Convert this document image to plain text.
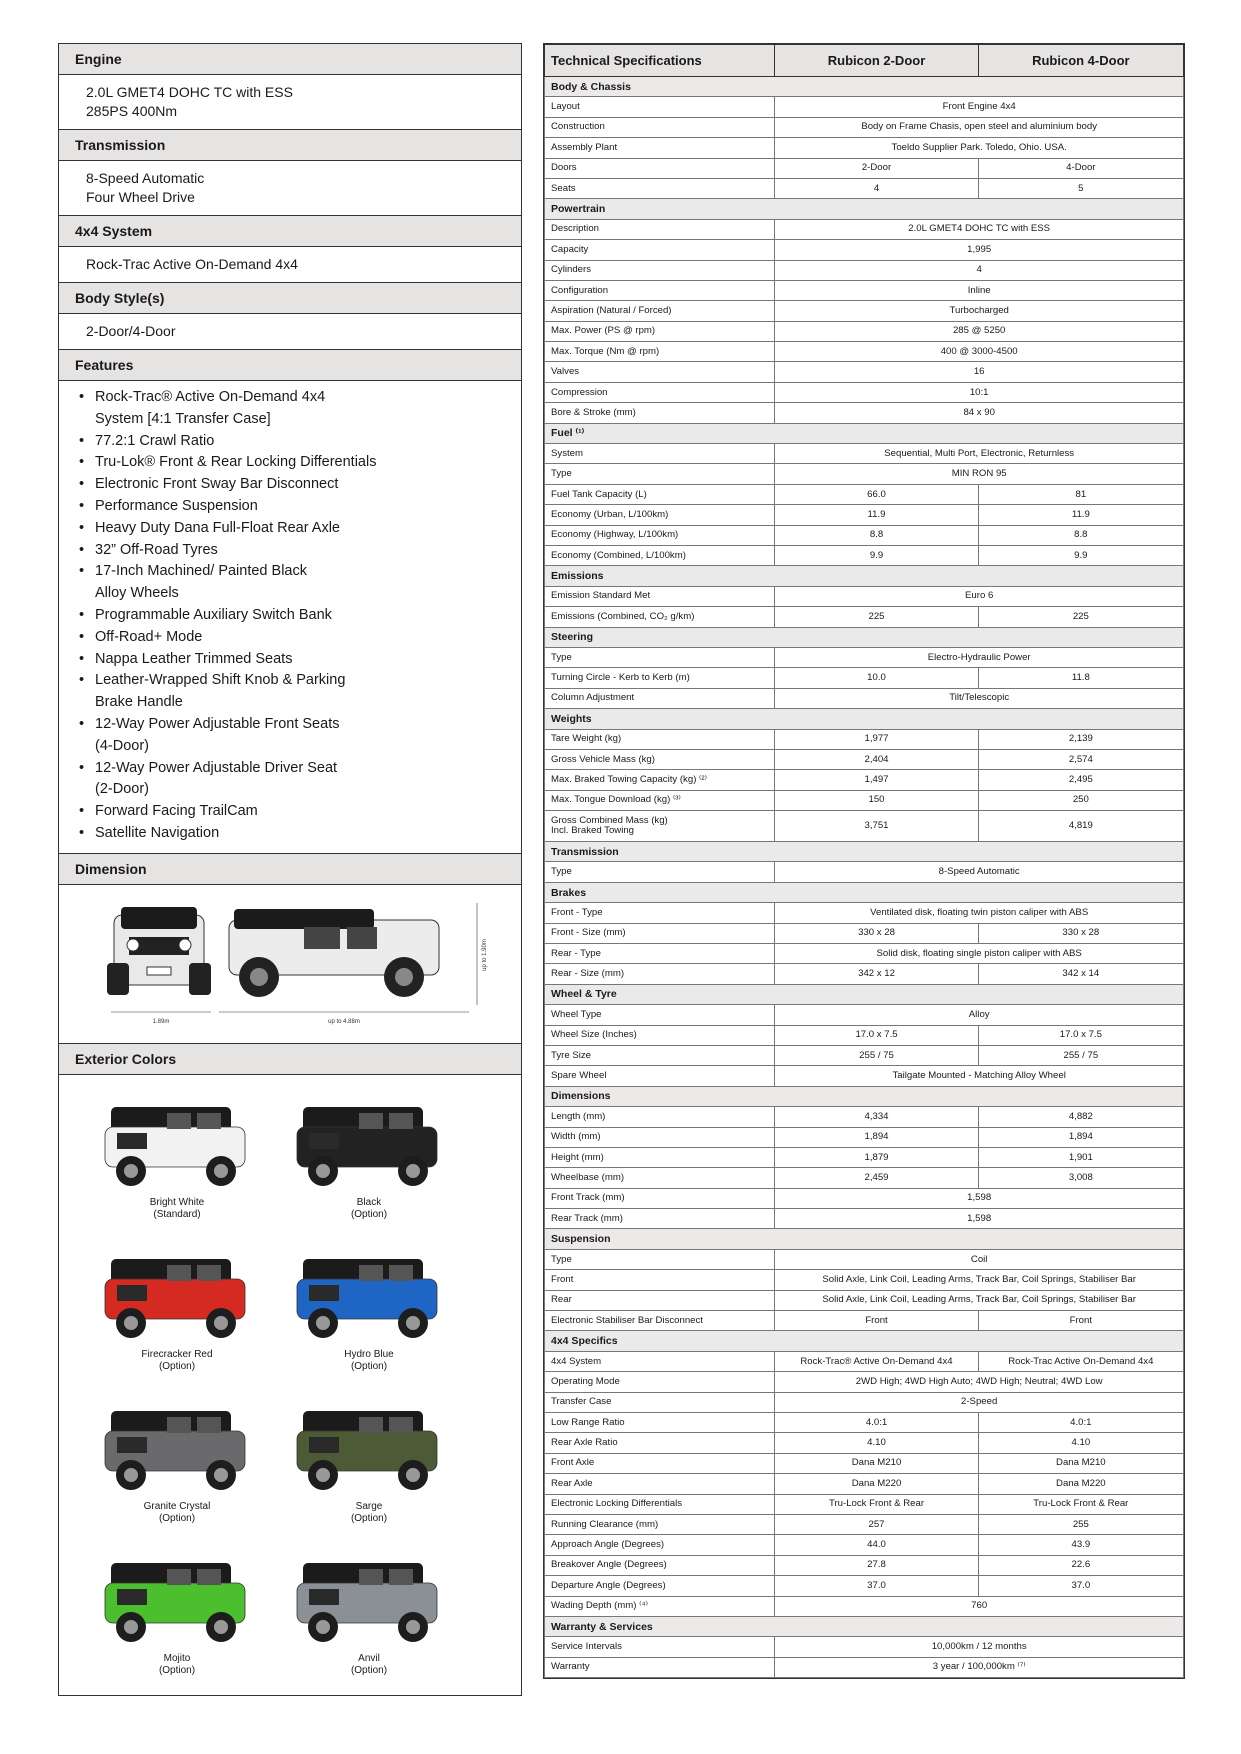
Engine
2.0L GMET4 DOHC TC with ESS
285PS 400Nm
Transmission
8-Speed Automatic
Four Wheel Drive
4x4 System
Rock-Trac Active On-Demand 4x4
Body Style(s)
2-Door/4-Door
Features
• Rock-Trac® Active On-Demand 4x4
System [4:1 Transfer Case]
• 77.2:1 Crawl Ratio
• Tru-Lok® Front & Rear Locking Differentials
• Electronic Front Sway Bar Disconnect
• Performance Suspension
• Heavy Duty Dana Full-Float Rear Axle
• 32” Off-Road Tyres
• 17-Inch Machined/ Painted Black
Alloy Wheels
• Programmable Auxiliary Switch Bank
• Off-Road+ Mode
• Nappa Leather Trimmed Seats
• Leather-Wrapped Shift Knob & Parking
Brake Handle
• 12-Way Power Adjustable Front Seats
(4-Door)
• 12-Way Power Adjustable Driver Seat
(2-Door)
• Forward Facing TrailCam
• Satellite Navigation
Dimension
1.89m	up to 4.88m
up to 1.90m
Exterior Colors
Bright White
(Standard)
Black
(Option)
Firecracker Red
(Option)
Hydro Blue
(Option)
Granite Crystal
(Option)
Sarge
(Option)
Mojito
(Option)
Anvil
(Option)
Technical Specifications	Rubicon 2-Door	Rubicon 4-Door
Body & Chassis		
Layout	Front Engine 4x4	
Construction	Body on Frame Chasis, open steel and aluminium body	
Assembly Plant	Toeldo Supplier Park. Toledo, Ohio. USA.	
Doors	2-Door	4-Door
Seats	4	5
Powertrain		
Description	2.0L GMET4 DOHC TC with ESS	
Capacity	1,995	
Cylinders	4	
Configuration	Inline	
Aspiration (Natural / Forced)	Turbocharged	
Max. Power (PS @ rpm)	285 @ 5250	
Max. Torque (Nm @ rpm)	400 @ 3000-4500	
Valves	16	
Compression	10:1	
Bore & Stroke (mm)	84 x 90	
Fuel ⁽¹⁾		
System	Sequential, Multi Port, Electronic, Returnless	
Type	MIN RON 95	
Fuel Tank Capacity (L)	66.0	81
Economy (Urban, L/100km)	11.9	11.9
Economy (Highway, L/100km)	8.8	8.8
Economy (Combined, L/100km)	9.9	9.9
Emissions		
Emission Standard Met	Euro 6	
Emissions (Combined, CO₂ g/km)	225	225
Steering		
Type	Electro-Hydraulic Power	
Turning Circle - Kerb to Kerb (m)	10.0	11.8
Column Adjustment	Tilt/Telescopic	
Weights		
Tare Weight (kg)	1,977	2,139
Gross Vehicle Mass (kg)	2,404	2,574
Max. Braked Towing Capacity (kg) ⁽²⁾	1,497	2,495
Max. Tongue Download (kg) ⁽³⁾	150	250

Gross Combined Mass (kg)
Incl. Braked Towing	3,751	4,819
Transmission		
Type	8-Speed Automatic	
Brakes		
Front - Type	Ventilated disk, floating twin piston caliper with ABS	
Front - Size (mm)	330 x 28	330 x 28
Rear - Type	Solid disk, floating single piston caliper with ABS	
Rear - Size (mm)	342 x 12	342 x 14
Wheel & Tyre		
Wheel Type	Alloy	
Wheel Size (Inches)	17.0 x 7.5	17.0 x 7.5
Tyre Size	255 / 75	255 / 75
Spare Wheel	Tailgate Mounted - Matching Alloy Wheel	
Dimensions		
Length (mm)	4,334	4,882
Width (mm)	1,894	1,894
Height (mm)	1,879	1,901
Wheelbase (mm)	2,459	3,008
Front Track (mm)	1,598	
Rear Track (mm)	1,598	
Suspension		
Type	Coil	
Front	Solid Axle, Link Coil, Leading Arms, Track Bar, Coil Springs, Stabiliser Bar	
Rear	Solid Axle, Link Coil, Leading Arms, Track Bar, Coil Springs, Stabiliser Bar	
Electronic Stabiliser Bar Disconnect	Front	Front
4x4 Specifics		
4x4 System	Rock-Trac® Active On-Demand 4x4	Rock-Trac Active On-Demand 4x4
Operating Mode	2WD High; 4WD High Auto; 4WD High; Neutral; 4WD Low	
Transfer Case	2-Speed	
Low Range Ratio	4.0:1	4.0:1
Rear Axle Ratio	4.10	4.10
Front Axle	Dana M210	Dana M210
Rear Axle	Dana M220	Dana M220
Electronic Locking Differentials	Tru-Lock Front & Rear	Tru-Lock Front & Rear
Running Clearance (mm)	257	255
Approach Angle (Degrees)	44.0	43.9
Breakover Angle (Degrees)	27.8	22.6
Departure Angle (Degrees)	37.0	37.0
Wading Depth (mm) ⁽⁴⁾	760	
Warranty & Services		
Service Intervals	10,000km / 12 months	
Warranty	3 year / 100,000km ⁽⁷⁾	
